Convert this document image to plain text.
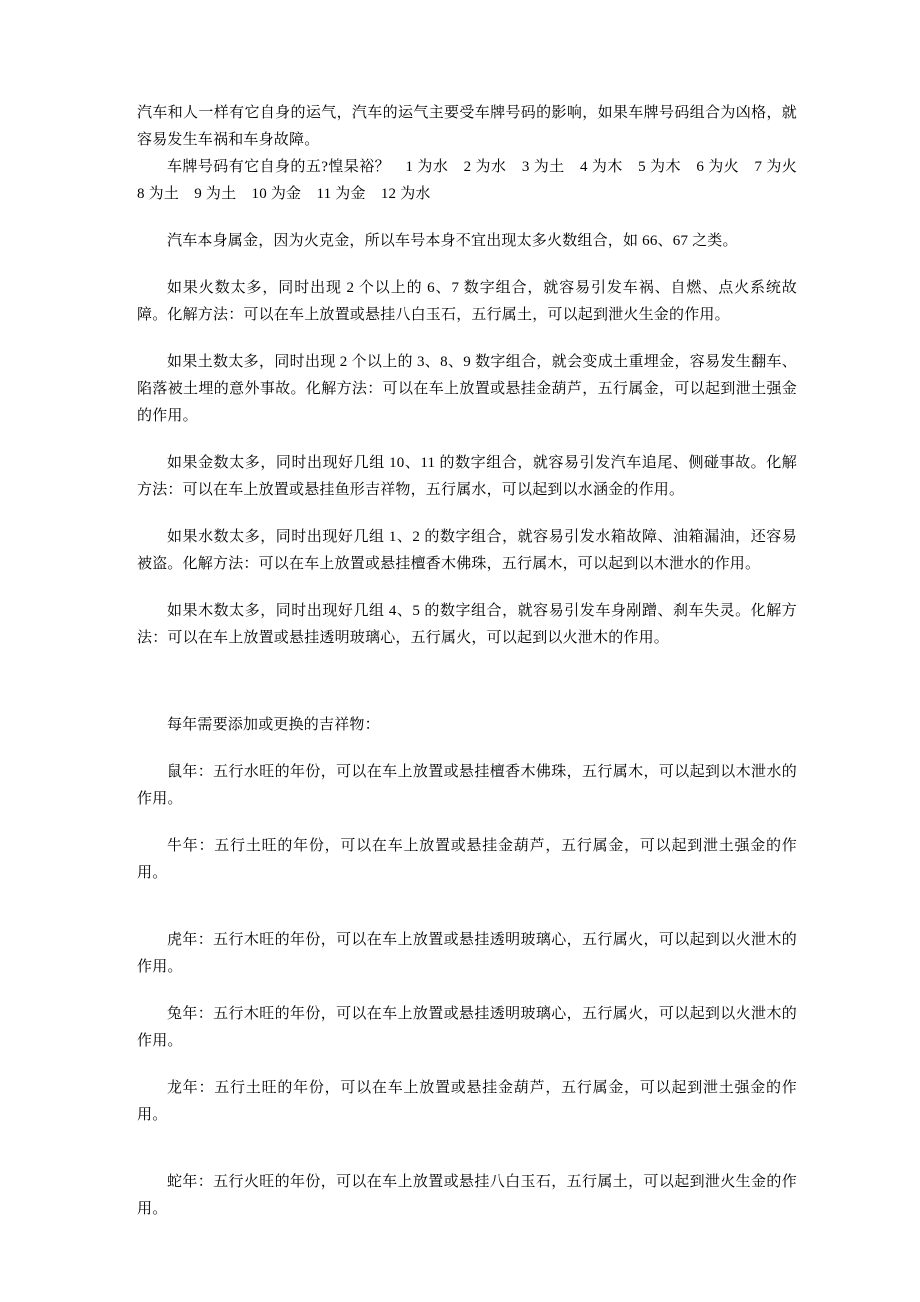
汽车和人一样有它自身的运气，汽车的运气主要受车牌号码的影响，如果车牌号码组合为凶格，就容易发生车祸和车身故障。

车牌号码有它自身的五?惶杲裕？　1 为水　2 为水　3 为土　4 为木　5 为木　6 为火　7 为火　8 为土　9 为土　10 为金　11 为金　12 为水

汽车本身属金，因为火克金，所以车号本身不宜出现太多火数组合，如 66、67 之类。

如果火数太多，同时出现 2 个以上的 6、7 数字组合，就容易引发车祸、自燃、点火系统故障。化解方法：可以在车上放置或悬挂八白玉石，五行属土，可以起到泄火生金的作用。

如果土数太多，同时出现 2 个以上的 3、8、9 数字组合，就会变成土重埋金，容易发生翻车、陷落被土埋的意外事故。化解方法：可以在车上放置或悬挂金葫芦，五行属金，可以起到泄土强金的作用。

如果金数太多，同时出现好几组 10、11 的数字组合，就容易引发汽车追尾、侧碰事故。化解方法：可以在车上放置或悬挂鱼形吉祥物，五行属水，可以起到以水涵金的作用。

如果水数太多，同时出现好几组 1、2 的数字组合，就容易引发水箱故障、油箱漏油，还容易被盗。化解方法：可以在车上放置或悬挂檀香木佛珠，五行属木，可以起到以木泄水的作用。

如果木数太多，同时出现好几组 4、5 的数字组合，就容易引发车身剐蹭、刹车失灵。化解方法：可以在车上放置或悬挂透明玻璃心，五行属火，可以起到以火泄木的作用。

每年需要添加或更换的吉祥物：

鼠年：五行水旺的年份，可以在车上放置或悬挂檀香木佛珠，五行属木，可以起到以木泄水的作用。

牛年：五行土旺的年份，可以在车上放置或悬挂金葫芦，五行属金，可以起到泄土强金的作用。

虎年：五行木旺的年份，可以在车上放置或悬挂透明玻璃心，五行属火，可以起到以火泄木的作用。

兔年：五行木旺的年份，可以在车上放置或悬挂透明玻璃心，五行属火，可以起到以火泄木的作用。

龙年：五行土旺的年份，可以在车上放置或悬挂金葫芦，五行属金，可以起到泄土强金的作用。

蛇年：五行火旺的年份，可以在车上放置或悬挂八白玉石，五行属土，可以起到泄火生金的作用。
